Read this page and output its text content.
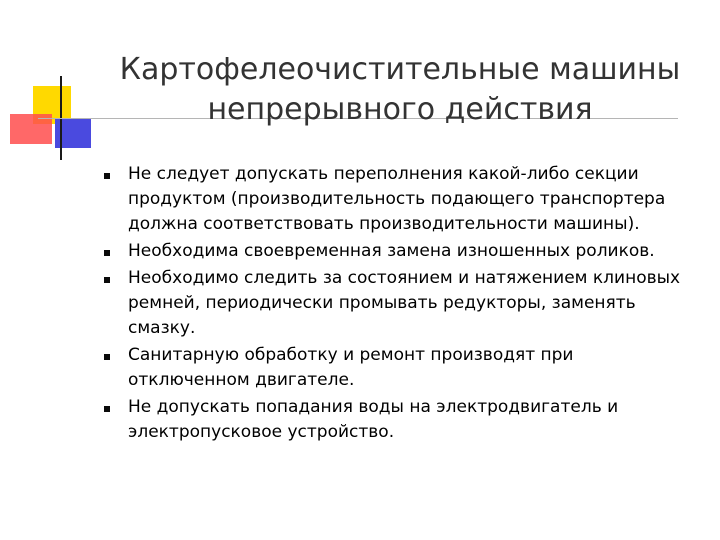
Картофелеочистительные машины
непрерывного действия
Не следует допускать переполнения какой-либо секции продуктом (производительность подающего транспортера должна соответствовать производительности машины).
Необходима своевременная замена изношенных роликов.
Необходимо следить за состоянием и натяжением клиновых ремней, периодически промывать редукторы, заменять смазку.
Санитарную обработку и ремонт производят при отключенном двигателе.
Не допускать попадания воды на электродвигатель и электропусковое устройство.
